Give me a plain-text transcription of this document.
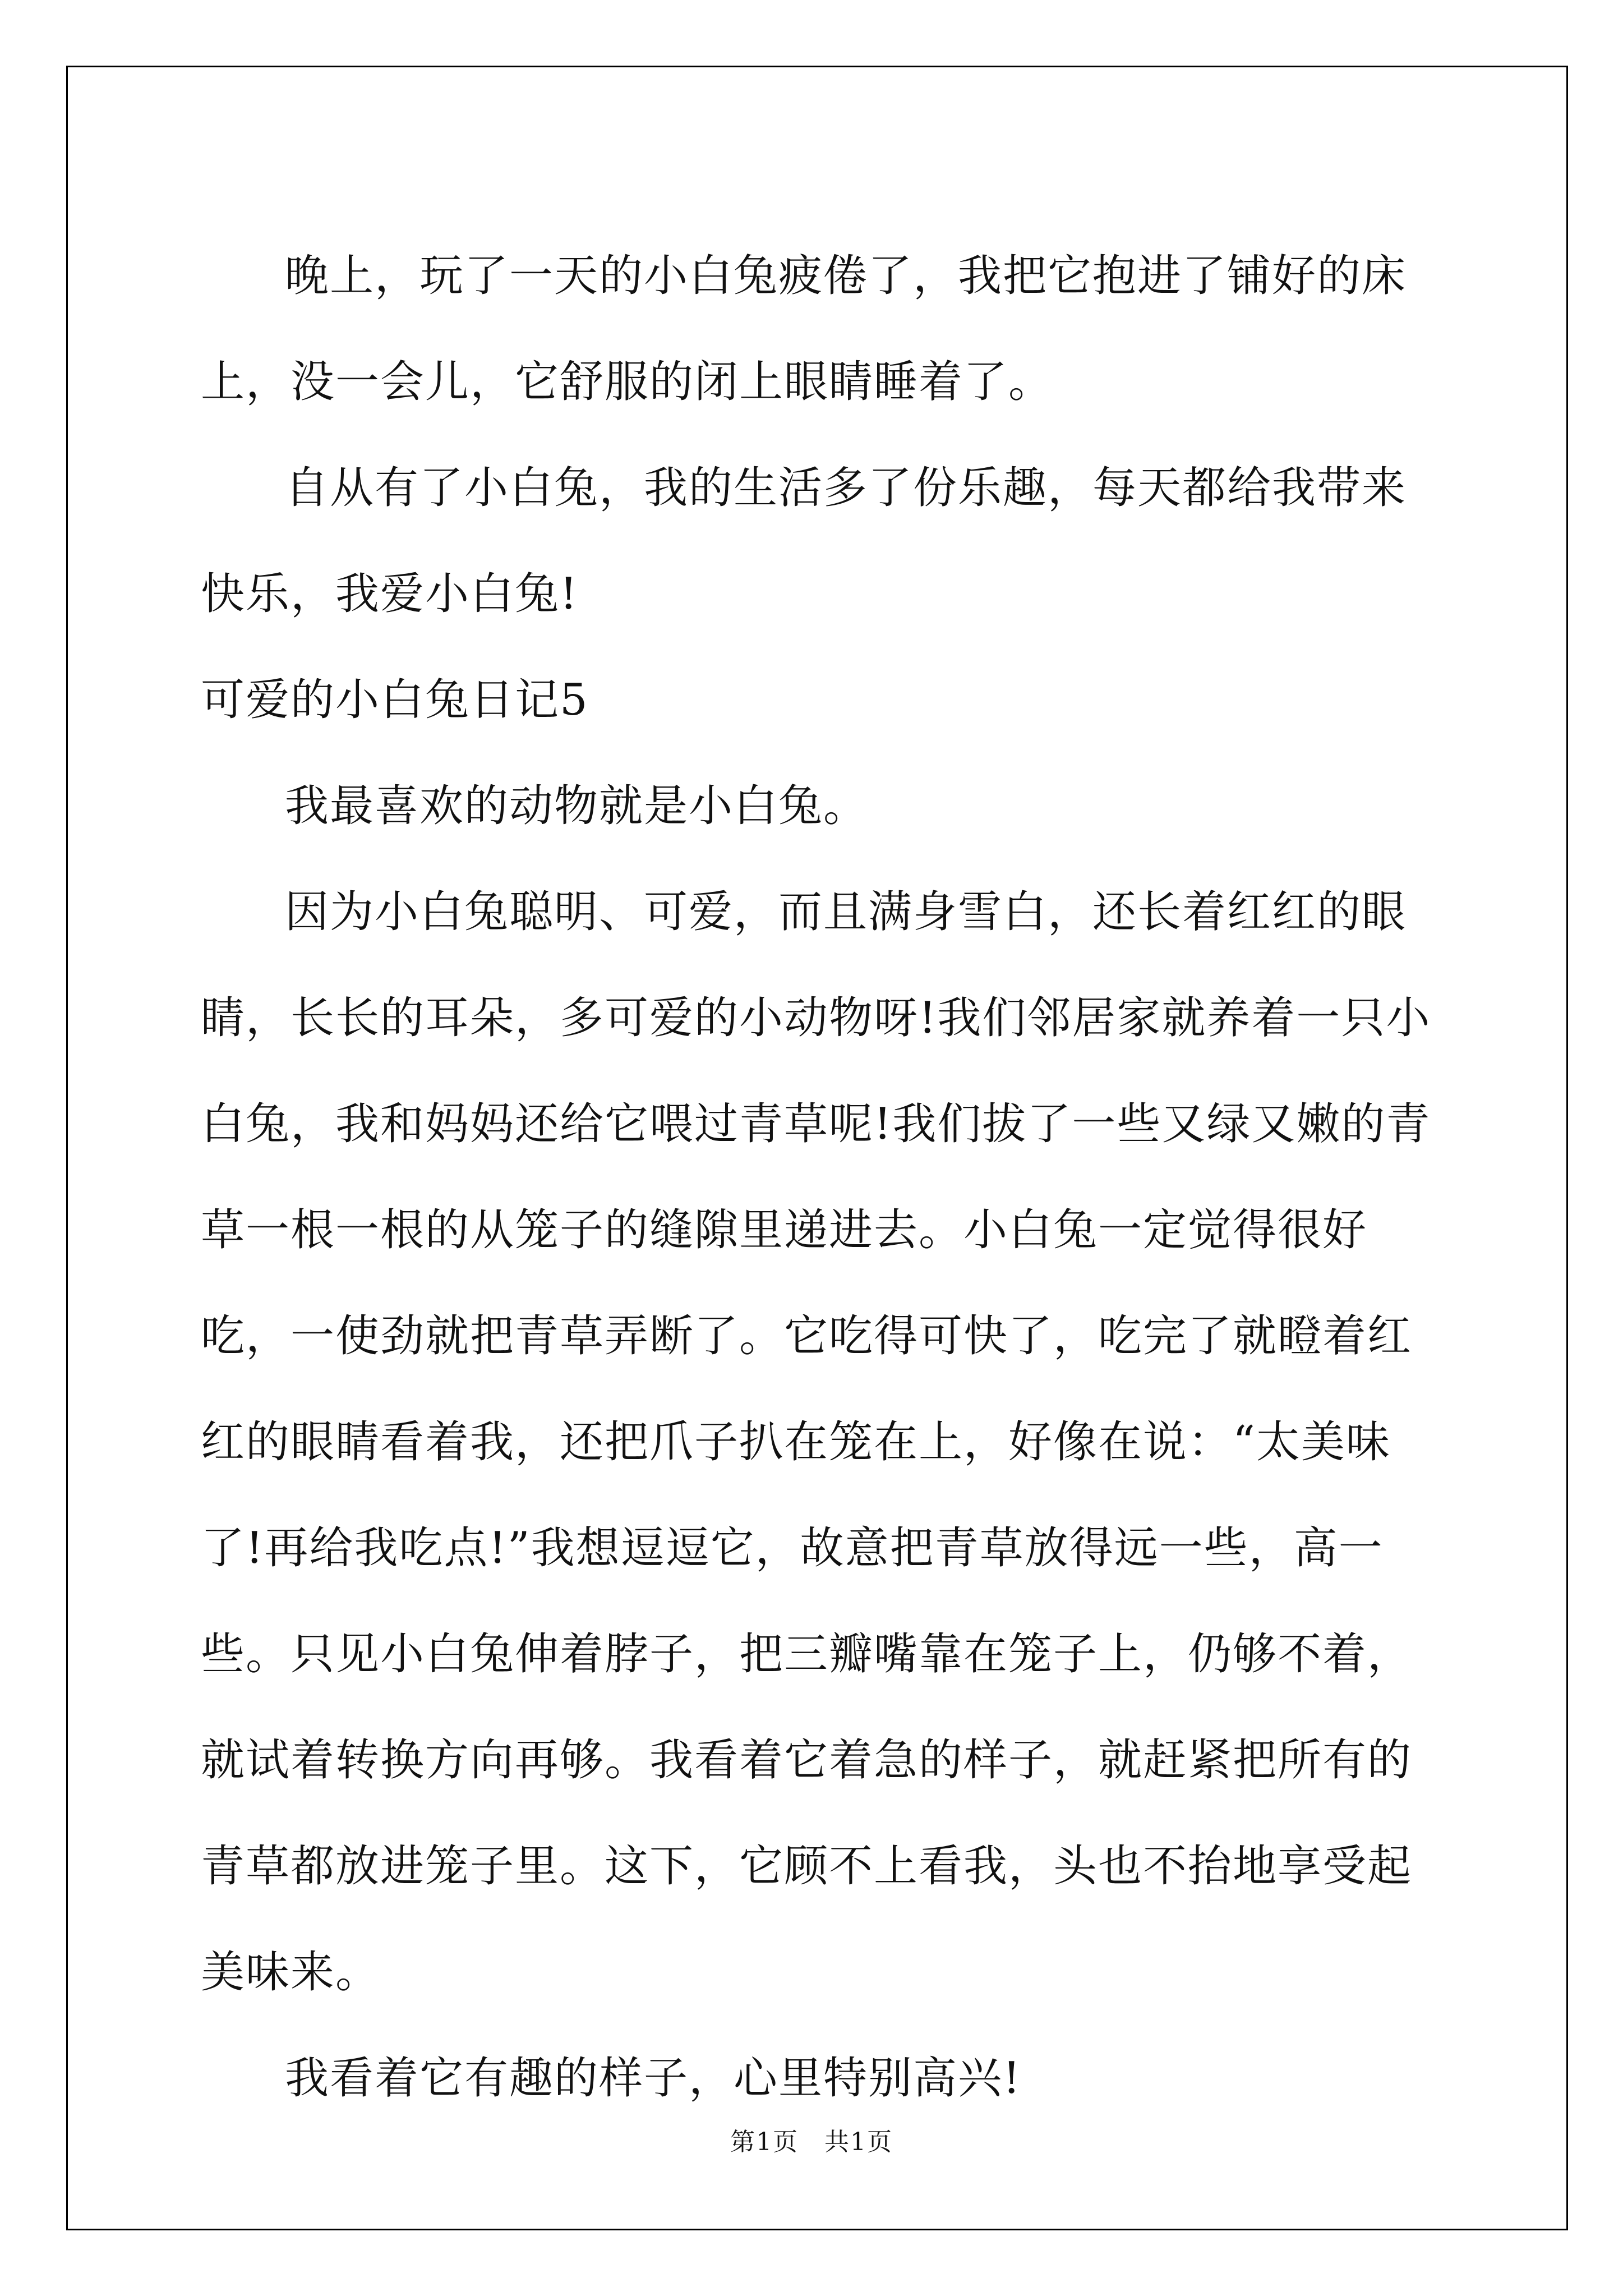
晚上，玩了一天的小白兔疲倦了，我把它抱进了铺好的床上，没一会儿，它舒服的闭上眼睛睡着了。

自从有了小白兔，我的生活多了份乐趣，每天都给我带来快乐，我爱小白兔!

可爱的小白兔日记5

我最喜欢的动物就是小白兔。

因为小白兔聪明、可爱，而且满身雪白，还长着红红的眼睛，长长的耳朵，多可爱的小动物呀!我们邻居家就养着一只小白兔，我和妈妈还给它喂过青草呢!我们拔了一些又绿又嫩的青草一根一根的从笼子的缝隙里递进去。小白兔一定觉得很好吃，一使劲就把青草弄断了。它吃得可快了，吃完了就瞪着红红的眼睛看着我，还把爪子扒在笼在上，好像在说：“太美味了!再给我吃点!”我想逗逗它，故意把青草放得远一些，高一些。只见小白兔伸着脖子，把三瓣嘴靠在笼子上，仍够不着，就试着转换方向再够。我看着它着急的样子，就赶紧把所有的青草都放进笼子里。这下，它顾不上看我，头也不抬地享受起美味来。

我看着它有趣的样子，心里特别高兴!

第1页　共1页
